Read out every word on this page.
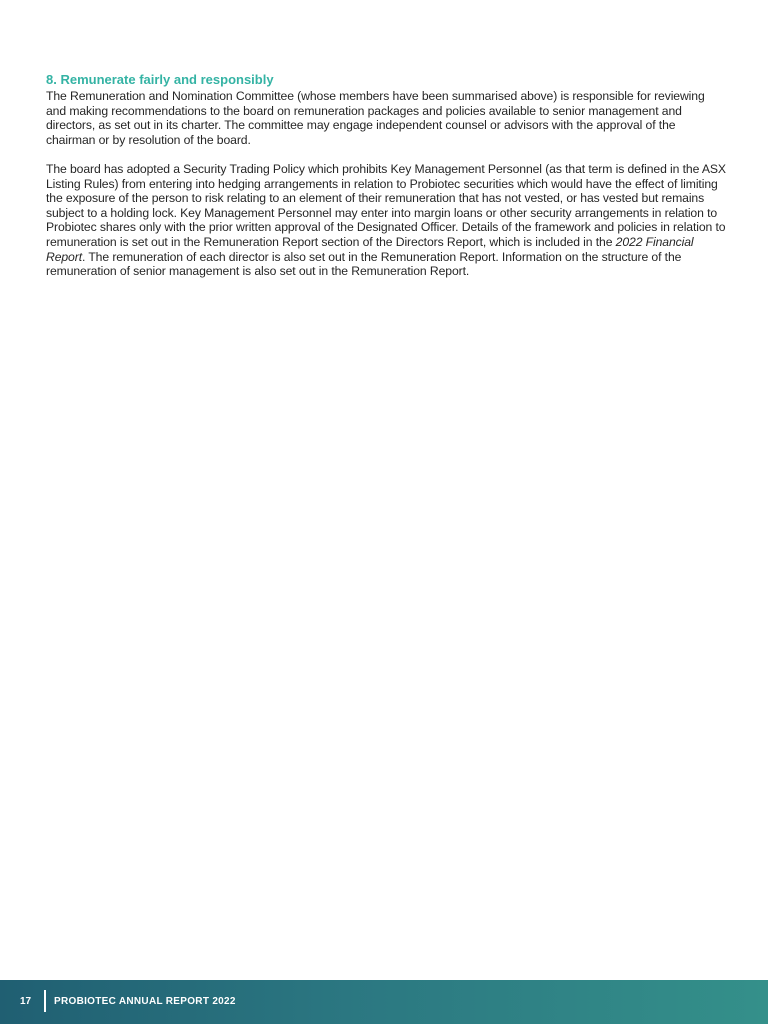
8. Remunerate fairly and responsibly

The Remuneration and Nomination Committee (whose members have been summarised above) is responsible for reviewing and making recommendations to the board on remuneration packages and policies available to senior management and directors, as set out in its charter. The committee may engage independent counsel or advisors with the approval of the chairman or by resolution of the board.

The board has adopted a Security Trading Policy which prohibits Key Management Personnel (as that term is defined in the ASX Listing Rules) from entering into hedging arrangements in relation to Probiotec securities which would have the effect of limiting the exposure of the person to risk relating to an element of their remuneration that has not vested, or has vested but remains subject to a holding lock. Key Management Personnel may enter into margin loans or other security arrangements in relation to Probiotec shares only with the prior written approval of the Designated Officer. Details of the framework and policies in relation to remuneration is set out in the Remuneration Report section of the Directors Report, which is included in the 2022 Financial Report. The remuneration of each director is also set out in the Remuneration Report. Information on the structure of the remuneration of senior management is also set out in the Remuneration Report.

17 PROBIOTEC ANNUAL REPORT 2022
